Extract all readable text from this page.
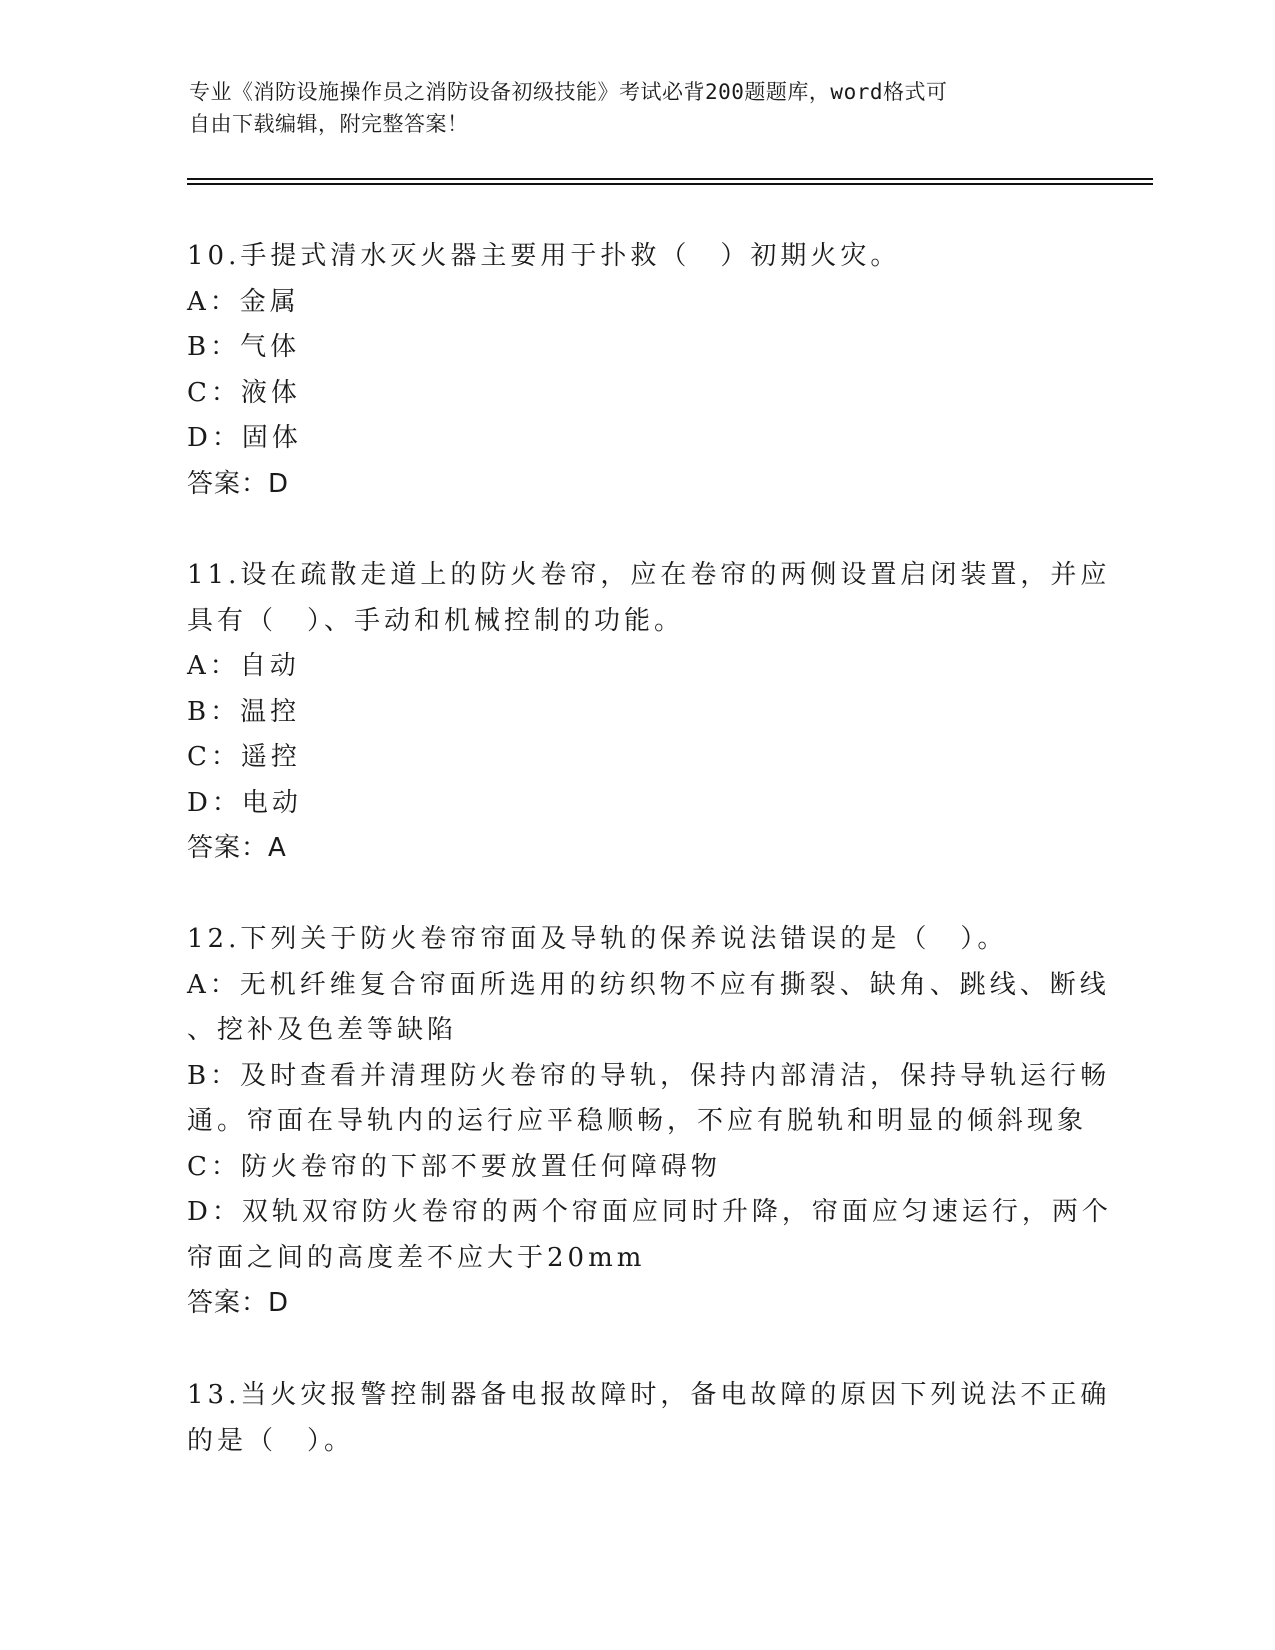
专业《消防设施操作员之消防设备初级技能》考试必背200题题库，word格式可

自由下载编辑，附完整答案！

10.手提式清水灭火器主要用于扑救（　）初期火灾。
A：金属
B：气体
C：液体
D：固体
答案：D
11.设在疏散走道上的防火卷帘，应在卷帘的两侧设置启闭装置，并应
具有（　）、手动和机械控制的功能。
A：自动
B：温控
C：遥控
D：电动
答案：A
12.下列关于防火卷帘帘面及导轨的保养说法错误的是（　）。
A：无机纤维复合帘面所选用的纺织物不应有撕裂、缺角、跳线、断线
、挖补及色差等缺陷
B：及时查看并清理防火卷帘的导轨，保持内部清洁，保持导轨运行畅
通。帘面在导轨内的运行应平稳顺畅，不应有脱轨和明显的倾斜现象
C：防火卷帘的下部不要放置任何障碍物
D：双轨双帘防火卷帘的两个帘面应同时升降，帘面应匀速运行，两个
帘面之间的高度差不应大于20mm
答案：D
13.当火灾报警控制器备电报故障时，备电故障的原因下列说法不正确
的是（　）。
